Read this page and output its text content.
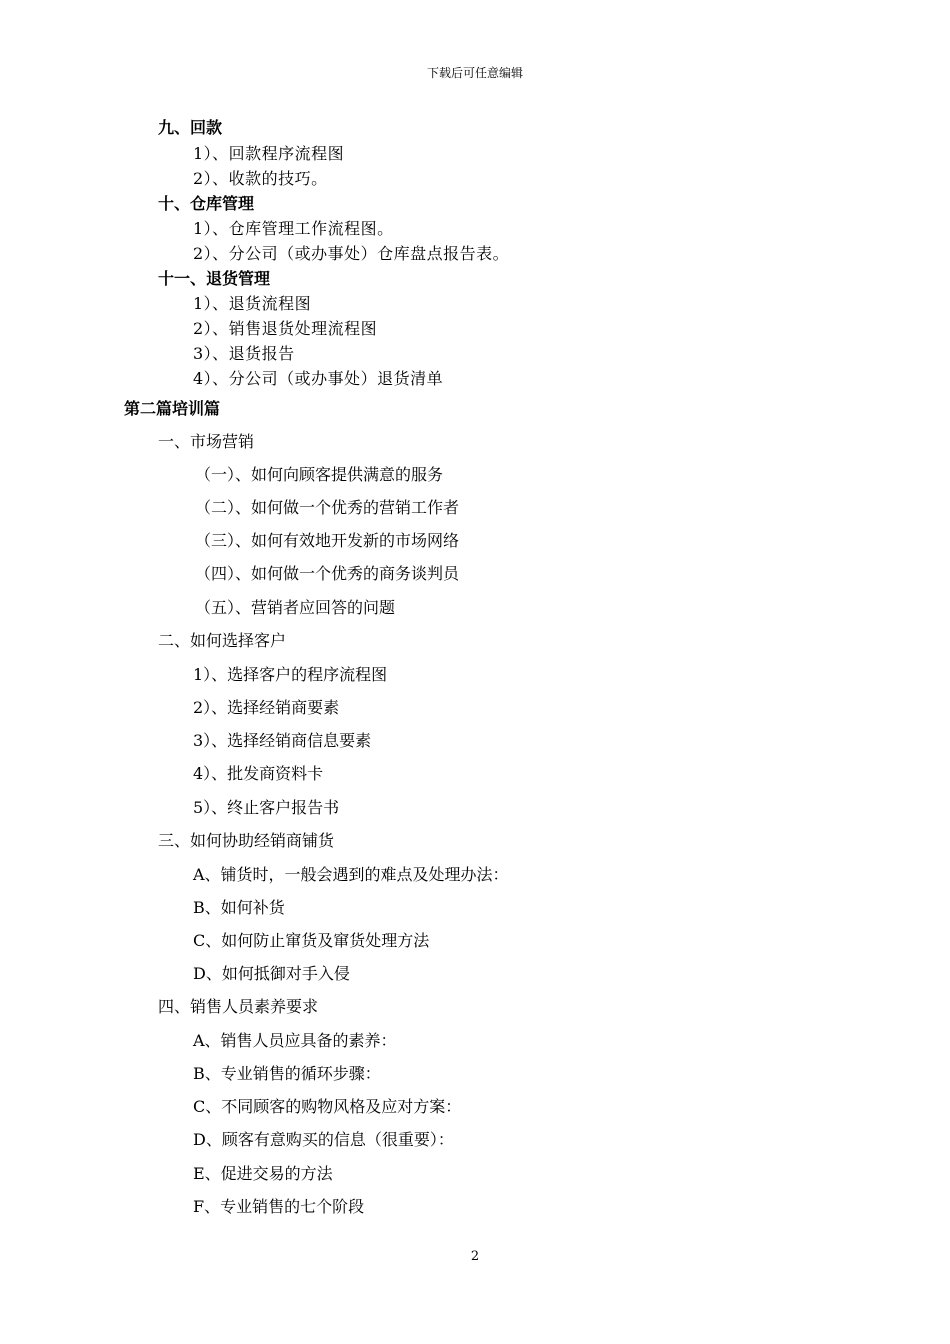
下载后可任意编辑
九、回款
1）、回款程序流程图
2）、收款的技巧。
十、仓库管理
1）、仓库管理工作流程图。
2）、分公司（或办事处）仓库盘点报告表。
十一、退货管理
1）、退货流程图
2）、销售退货处理流程图
3）、退货报告
4）、分公司（或办事处）退货清单
第二篇培训篇
一、市场营销
（一）、如何向顾客提供满意的服务
（二）、如何做一个优秀的营销工作者
（三）、如何有效地开发新的市场网络
（四）、如何做一个优秀的商务谈判员
（五）、营销者应回答的问题
二、如何选择客户
1）、选择客户的程序流程图
2）、选择经销商要素
3）、选择经销商信息要素
4）、批发商资料卡
5）、终止客户报告书
三、如何协助经销商铺货
A、铺货时，一般会遇到的难点及处理办法：
B、如何补货
C、如何防止窜货及窜货处理方法
D、如何抵御对手入侵
四、销售人员素养要求
A、销售人员应具备的素养：
B、专业销售的循环步骤：
C、不同顾客的购物风格及应对方案：
D、顾客有意购买的信息（很重要）：
E、促进交易的方法
F、专业销售的七个阶段
2
